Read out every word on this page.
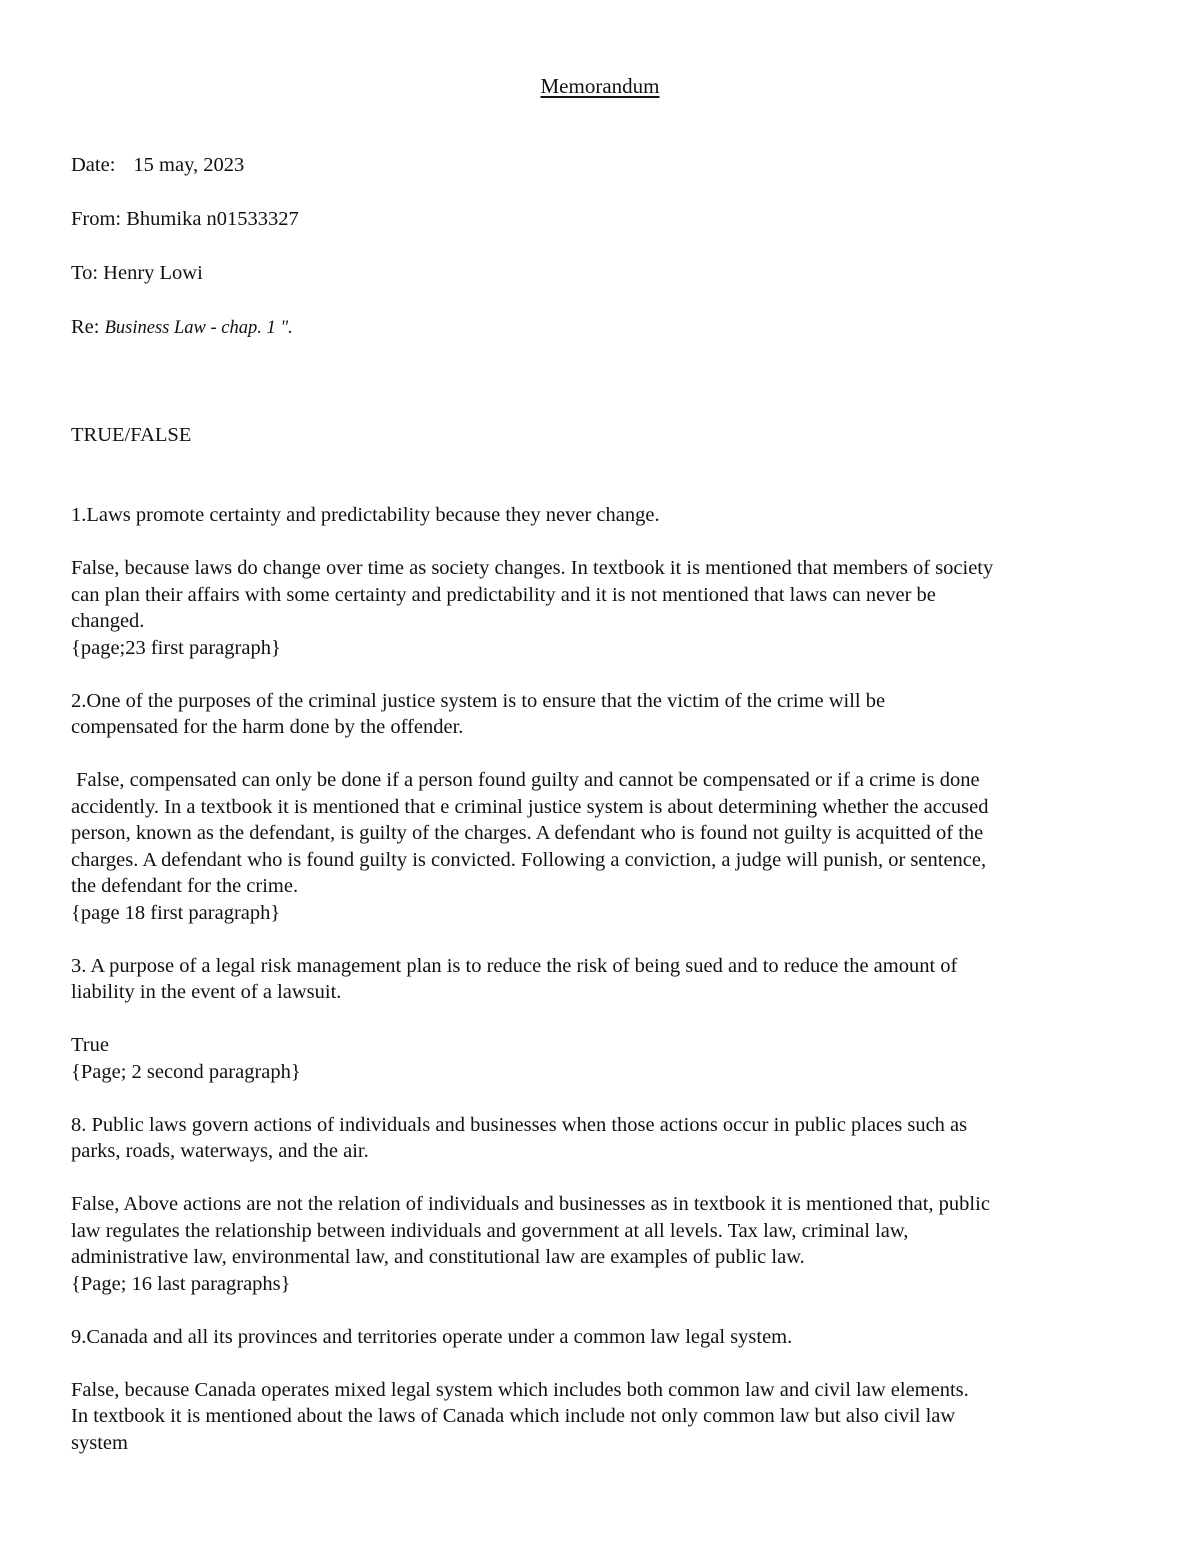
Memorandum

Date: 15 may, 2023

From: Bhumika n01533327

To: Henry Lowi

Re: Business Law - chap. 1 ".

TRUE/FALSE

1.Laws promote certainty and predictability because they never change.

False, because laws do change over time as society changes. In textbook it is mentioned that members of society

can plan their affairs with some certainty and predictability and it is not mentioned that laws can never be

changed.

{page;23 first paragraph}

2.One of the purposes of the criminal justice system is to ensure that the victim of the crime will be

compensated for the harm done by the offender.

False, compensated can only be done if a person found guilty and cannot be compensated or if a crime is done

accidently. In a textbook it is mentioned that e criminal justice system is about determining whether the accused

person, known as the defendant, is guilty of the charges. A defendant who is found not guilty is acquitted of the

charges. A defendant who is found guilty is convicted. Following a conviction, a judge will punish, or sentence,

the defendant for the crime.

{page 18 first paragraph}

3. A purpose of a legal risk management plan is to reduce the risk of being sued and to reduce the amount of

liability in the event of a lawsuit.

True

{Page; 2 second paragraph}

8. Public laws govern actions of individuals and businesses when those actions occur in public places such as

parks, roads, waterways, and the air.

False, Above actions are not the relation of individuals and businesses as in textbook it is mentioned that, public

law regulates the relationship between individuals and government at all levels. Tax law, criminal law,

administrative law, environmental law, and constitutional law are examples of public law.

{Page; 16 last paragraphs}

9.Canada and all its provinces and territories operate under a common law legal system.

False, because Canada operates mixed legal system which includes both common law and civil law elements.

In textbook it is mentioned about the laws of Canada which include not only common law but also civil law

system
